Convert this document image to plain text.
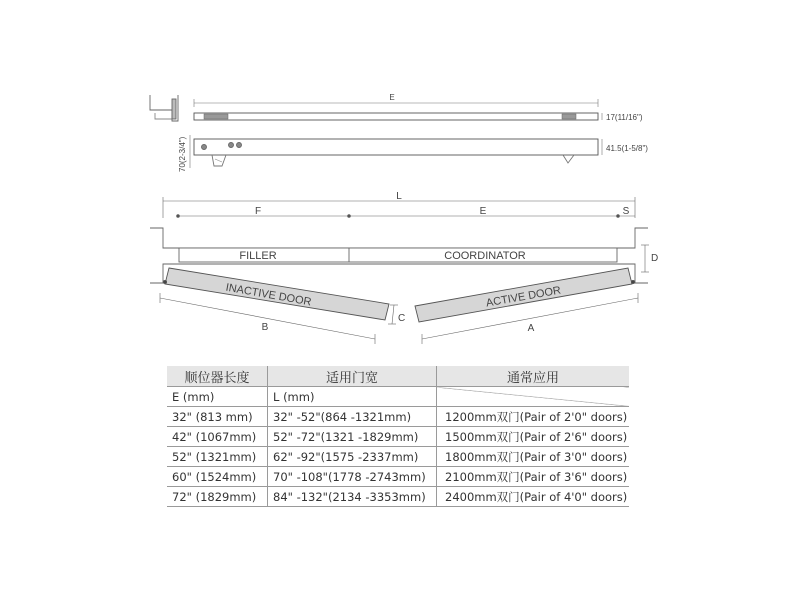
E
17(11/16")
41.5(1-5/8")
70(2-3/4")
L
F	E	S
D
C
B	A
FILLER	COORDINATOR
INACTIVE DOOR	ACTIVE DOOR
顺位器长度	适用门宽	通常应用
E (mm)	L (mm)	
32" (813 mm)	32" -52"(864 -1321mm)	1200mm双门(Pair of 2'0" doors)
42" (1067mm)	52" -72"(1321 -1829mm)	1500mm双门(Pair of 2'6" doors)
52" (1321mm)	62" -92"(1575 -2337mm)	1800mm双门(Pair of 3'0" doors)
60" (1524mm)	70" -108"(1778 -2743mm)	2100mm双门(Pair of 3'6" doors)
72" (1829mm)	84" -132"(2134 -3353mm)	2400mm双门(Pair of 4'0" doors)
